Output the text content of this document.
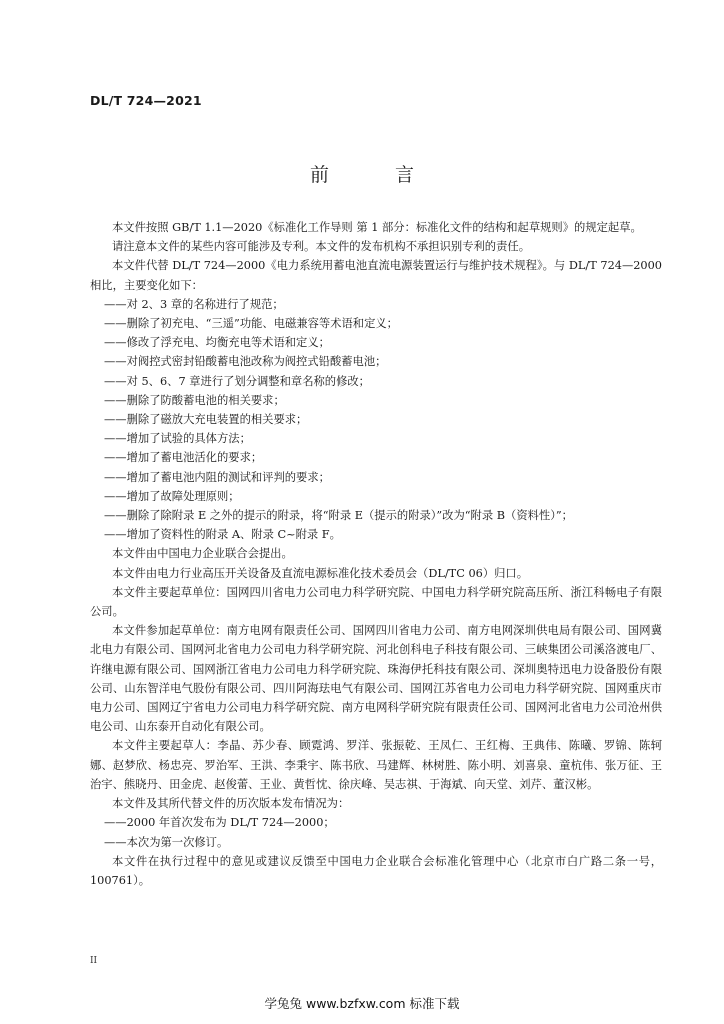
DL/T 724—2021
前 言

本文件按照 GB/T 1.1—2020《标准化工作导则 第 1 部分：标准化文件的结构和起草规则》的规定起草。

请注意本文件的某些内容可能涉及专利。本文件的发布机构不承担识别专利的责任。

本文件代替 DL/T 724—2000《电力系统用蓄电池直流电源装置运行与维护技术规程》。与 DL/T 724—2000 相比，主要变化如下：

——对 2、3 章的名称进行了规范；

——删除了初充电、“三遥”功能、电磁兼容等术语和定义；

——修改了浮充电、均衡充电等术语和定义；

——对阀控式密封铅酸蓄电池改称为阀控式铅酸蓄电池；

——对 5、6、7 章进行了划分调整和章名称的修改；

——删除了防酸蓄电池的相关要求；

——删除了磁放大充电装置的相关要求；

——增加了试验的具体方法；

——增加了蓄电池活化的要求；

——增加了蓄电池内阻的测试和评判的要求；

——增加了故障处理原则；

——删除了除附录 E 之外的提示的附录，将“附录 E（提示的附录）”改为“附录 B（资料性）”；

——增加了资料性的附录 A、附录 C~附录 F。

本文件由中国电力企业联合会提出。

本文件由电力行业高压开关设备及直流电源标准化技术委员会（DL/TC 06）归口。

本文件主要起草单位：国网四川省电力公司电力科学研究院、中国电力科学研究院高压所、浙江科畅电子有限公司。

本文件参加起草单位：南方电网有限责任公司、国网四川省电力公司、南方电网深圳供电局有限公司、国网冀北电力有限公司、国网河北省电力公司电力科学研究院、河北创科电子科技有限公司、三峡集团公司溪洛渡电厂、许继电源有限公司、国网浙江省电力公司电力科学研究院、珠海伊托科技有限公司、深圳奥特迅电力设备股份有限公司、山东智洋电气股份有限公司、四川阿海珐电气有限公司、国网江苏省电力公司电力科学研究院、国网重庆市电力公司、国网辽宁省电力公司电力科学研究院、南方电网科学研究院有限责任公司、国网河北省电力公司沧州供电公司、山东泰开自动化有限公司。

本文件主要起草人：李晶、苏少春、顾霓鸿、罗洋、张振乾、王凤仁、王红梅、王典伟、陈曦、罗锦、陈轲娜、赵梦欣、杨忠亮、罗治军、王洪、李秉宇、陈书欣、马建辉、林树胜、陈小明、刘喜泉、童杭伟、张万征、王治宇、熊晓丹、田金虎、赵俊蕾、王业、黄哲忱、徐庆峰、吴志祺、于海斌、向天堂、刘芹、董汉彬。

本文件及其所代替文件的历次版本发布情况为：

——2000 年首次发布为 DL/T 724—2000；

——本次为第一次修订。

本文件在执行过程中的意见或建议反馈至中国电力企业联合会标准化管理中心（北京市白广路二条一号，100761）。

II
学兔兔 www.bzfxw.com 标准下载
